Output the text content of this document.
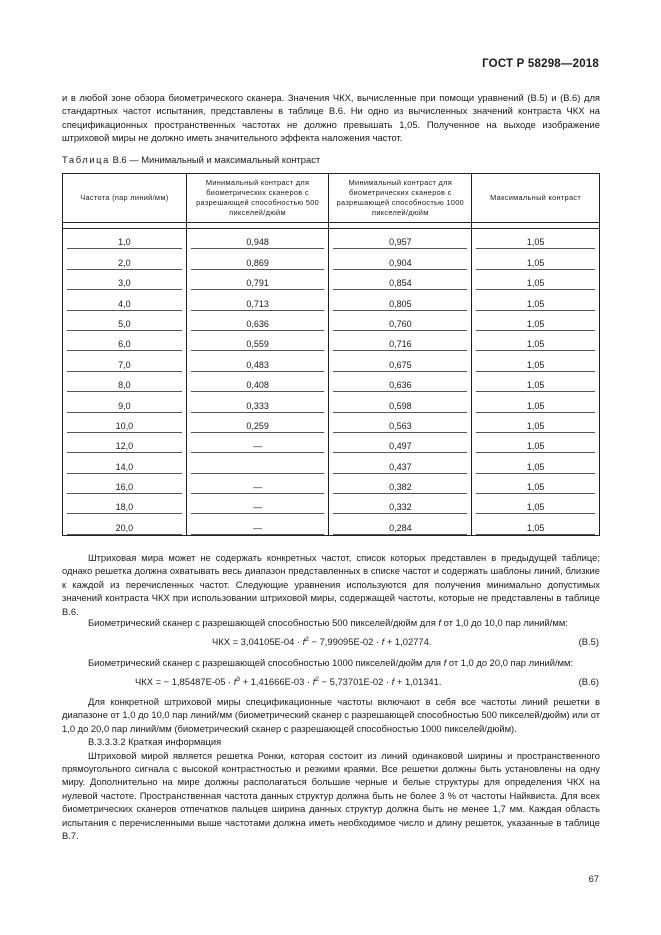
ГОСТ Р 58298—2018

и в любой зоне обзора биометрического сканера. Значения ЧКХ, вычисленные при помощи уравнений (В.5) и (В.6) для стандартных частот испытания, представлены в таблице В.6. Ни одно из вычисленных значений контраста ЧКХ на спецификационных пространственных частотах не должно превышать 1,05. Полученное на выходе изображение штриховой миры не должно иметь значительного эффекта наложения частот.

Таблица В.6 — Минимальный и максимальный контраст
Частота (пар линий/мм)	Минимальный контраст для биометрических сканеров с разрешающей способностью 500 пикселей/дюйм	Минимальный контраст для биометрических сканеров с разрешающей способностью 1000 пикселей/дюйм	Максимальный контраст

1,0	0,948	0,957	1,05

2,0	0,869	0,904	1,05

3,0	0,791	0,854	1,05

4,0	0,713	0,805	1,05

5,0	0,636	0,760	1,05

6,0	0,559	0,716	1,05

7,0	0,483	0,675	1,05

8,0	0,408	0,636	1,05

9,0	0,333	0,598	1,05

10,0	0,259	0,563	1,05

12,0	—	0,497	1,05

14,0		0,437	1,05

16,0	—	0,382	1,05

18,0	—	0,332	1,05

20,0	—	0,284	1,05

Штриховая мира может не содержать конкретных частот, список которых представлен в предыдущей таблице; однако решетка должна охватывать весь диапазон представленных в списке частот и содержать шаблоны линий, близкие к каждой из перечисленных частот. Следующие уравнения используются для получения минимально допустимых значений контраста ЧКХ при использовании штриховой миры, содержащей частоты, которые не представлены в таблице В.6.

Биометрический сканер с разрешающей способностью 500 пикселей/дюйм для f от 1,0 до 10,0 пар линий/мм:
ЧКХ = $3,04105E-04 \cdot f^2 - 7,99095E-02 \cdot f + 1,02774$.	(В.5)
Биометрический сканер с разрешающей способностью 1000 пикселей/дюйм для f от 1,0 до 20,0 пар линий/мм:
ЧКХ = − $1,85487E-05 \cdot f^3 + 1,41666E-03 \cdot f^2 - 5,73701E-02 \cdot f + 1,01341$.	(В.6)

Для конкретной штриховой миры спецификационные частоты включают в себя все частоты линий решетки в диапазоне от 1,0 до 10,0 пар линий/мм (биометрический сканер с разрешающей способностью 500 пикселей/дюйм) или от 1,0 до 20,0 пар линий/мм (биометрический сканер с разрешающей способностью 1000 пикселей/дюйм).

В.3.3.3.2 Краткая информация

Штриховой мирой является решетка Ронки, которая состоит из линий одинаковой ширины и пространственного прямоугольного сигнала с высокой контрастностью и резкими краями. Все решетки должны быть установлены на одну миру. Дополнительно на мире должны располагаться большие черные и белые структуры для определения ЧКХ на нулевой частоте. Пространственная частота данных структур должна быть не более 3 % от частоты Найквиста. Для всех биометрических сканеров отпечатков пальцев ширина данных структур должна быть не менее 1,7 мм. Каждая область испытания с перечисленными выше частотами должна иметь необходимое число и длину решеток, указанные в таблице В.7.

67
